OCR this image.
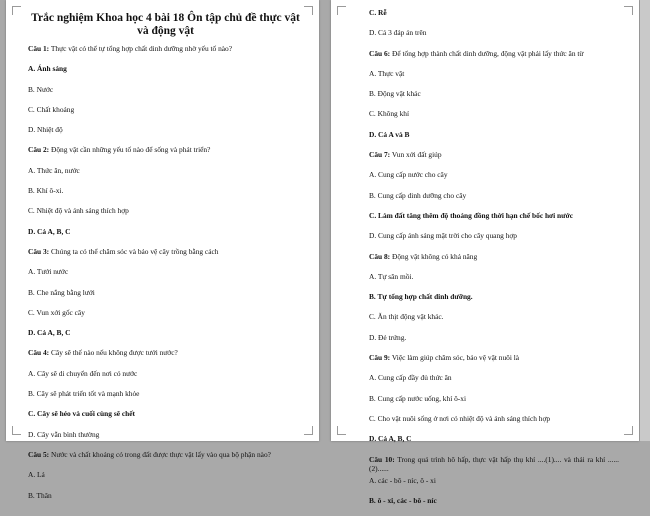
Trắc nghiệm Khoa học 4 bài 18 Ôn tập chủ đề thực vật và động vật
Câu 1: Thực vật có thể tự tổng hợp chất dinh dưỡng nhờ yếu tố nào?
A. Ánh sáng
B. Nước
C. Chất khoáng
D. Nhiệt độ
Câu 2: Động vật cần những yếu tố nào để sống và phát triển?
A. Thức ăn, nước
B. Khí ô-xi.
C. Nhiệt độ và ánh sáng thích hợp
D. Cả A, B, C
Câu 3: Chúng ta có thể chăm sóc và bảo vệ cây trồng bằng cách
A. Tưới nước
B. Che nắng bằng lưới
C. Vun xới gốc cây
D. Cả A, B, C
Câu 4: Cây sẽ thế nào nếu không được tưới nước?
A. Cây sẽ di chuyển đến nơi có nước
B. Cây sẽ phát triển tốt và mạnh khỏe
C. Cây sẽ héo và cuối cùng sẽ chết
D. Cây vẫn bình thường
Câu 5: Nước và chất khoáng có trong đất được thực vật lấy vào qua bộ phận nào?
A. Lá
B. Thân
C. Rễ
D. Cả 3 đáp án trên
Câu 6: Để tổng hợp thành chất dinh dưỡng, động vật phải lấy thức ăn từ
A. Thực vật
B. Động vật khác
C. Không khí
D. Cả A và B
Câu 7: Vun xới đất giúp
A. Cung cấp nước cho cây
B. Cung cấp dinh dưỡng cho cây
C. Làm đất tăng thêm độ thoáng đồng thời hạn chế bốc hơi nước
D. Cung cấp ánh sáng mặt trời cho cây quang hợp
Câu 8: Động vật không có khả năng
A. Tự săn mồi.
B. Tự tổng hợp chất dinh dưỡng.
C. Ăn thịt động vật khác.
D. Đẻ trứng.
Câu 9: Việc làm giúp chăm sóc, bảo vệ vật nuôi là
A. Cung cấp đầy đủ thức ăn
B. Cung cấp nước uống, khí ô-xi
C. Cho vật nuôi sống ở nơi có nhiệt độ và ánh sáng thích hợp
D. Cả A, B, C
Câu 10: Trong quá trình hô hấp, thực vật hấp thụ khí ....(1).... và thải ra khí ......(2)......
A. các - bô - níc, ô - xi
B. ô - xi, các - bô - níc
